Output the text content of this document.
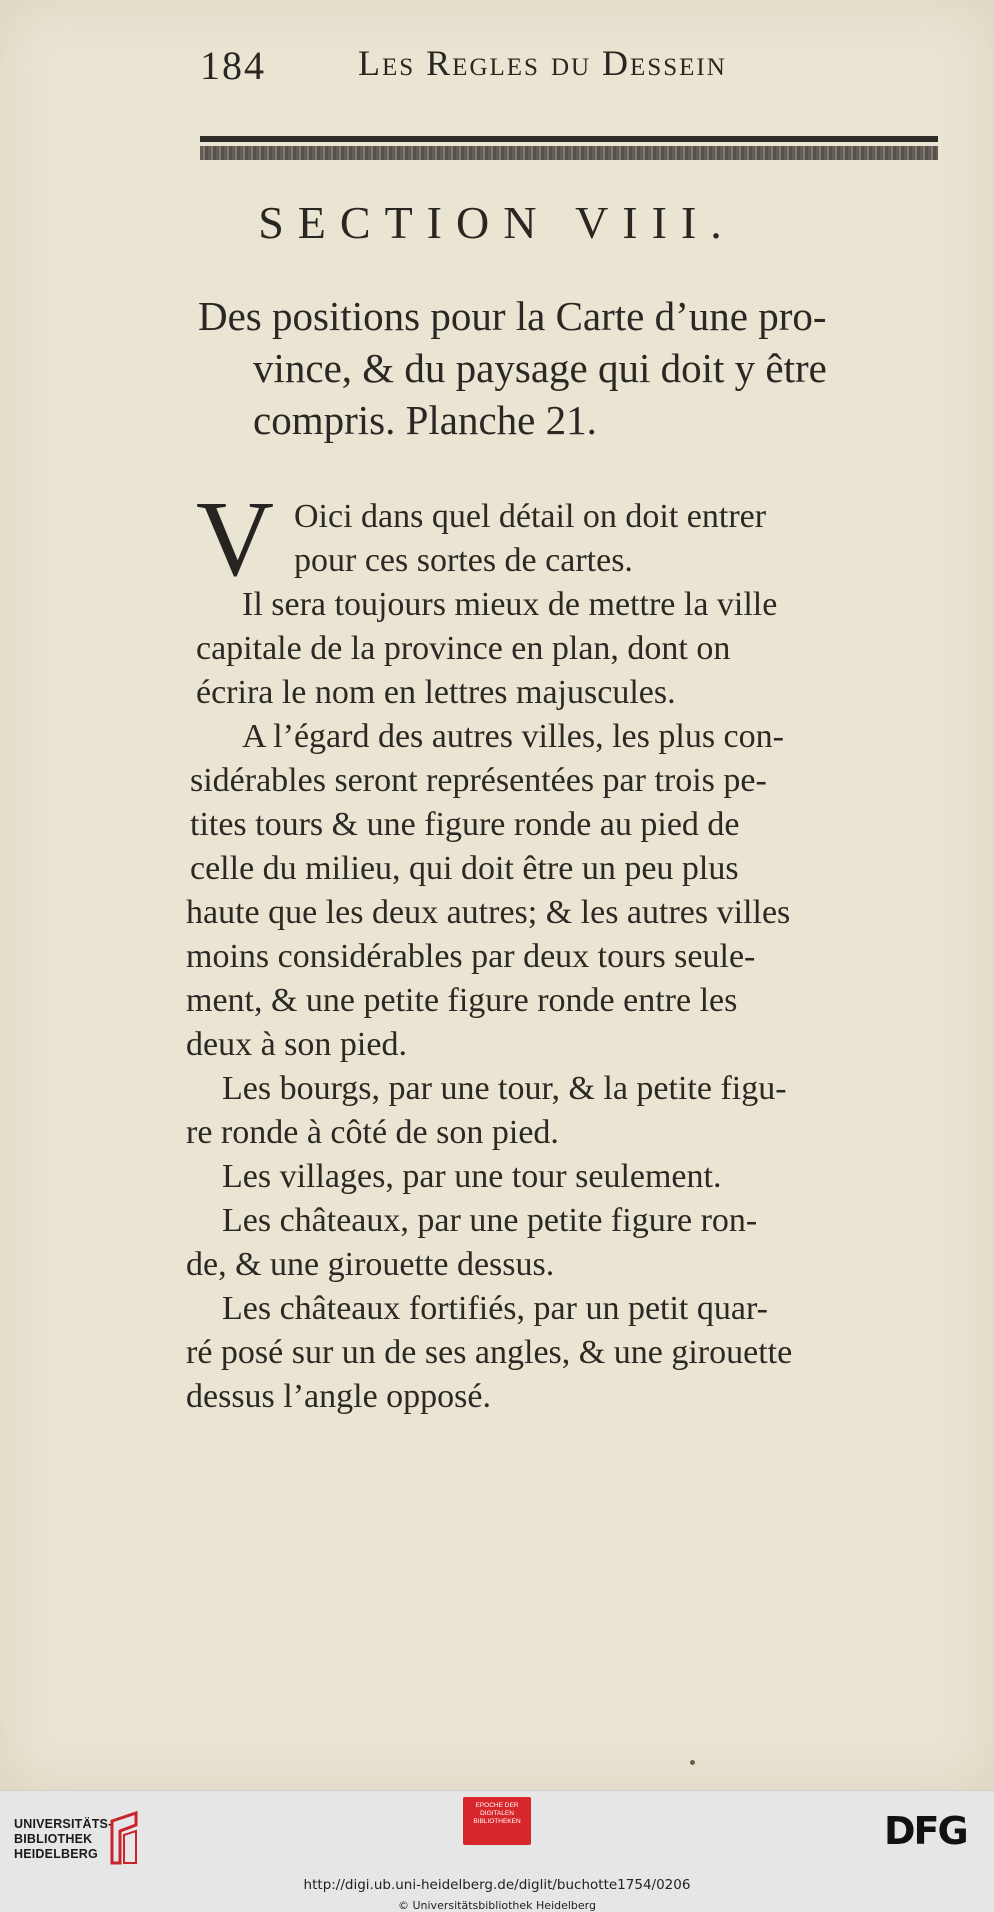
184	Les Regles du Dessein
SECTION VIII.
Des positions pour la Carte d’une pro-
vince, & du paysage qui doit y être
compris. Planche 21.
V Oici dans quel détail on doit entrer
pour ces sortes de cartes.
Il sera toujours mieux de mettre la ville
capitale de la province en plan, dont on
écrira le nom en lettres majuscules.
A l’égard des autres villes, les plus con-
sidérables seront représentées par trois pe-
tites tours & une figure ronde au pied de
celle du milieu, qui doit être un peu plus
haute que les deux autres; & les autres villes
moins considérables par deux tours seule-
ment, & une petite figure ronde entre les
deux à son pied.
Les bourgs, par une tour, & la petite figu-
re ronde à côté de son pied.
Les villages, par une tour seulement.
Les châteaux, par une petite figure ron-
de, & une girouette dessus.
Les châteaux fortifiés, par un petit quar-
ré posé sur un de ses angles, & une girouette
dessus l’angle opposé.
UNIVERSITÄTS-
BIBLIOTHEK
HEIDELBERG
EPOCHE DER
DIGITALEN
BIBLIOTHEKEN	DFG
http://digi.ub.uni-heidelberg.de/diglit/buchotte1754/0206
© Universitätsbibliothek Heidelberg
